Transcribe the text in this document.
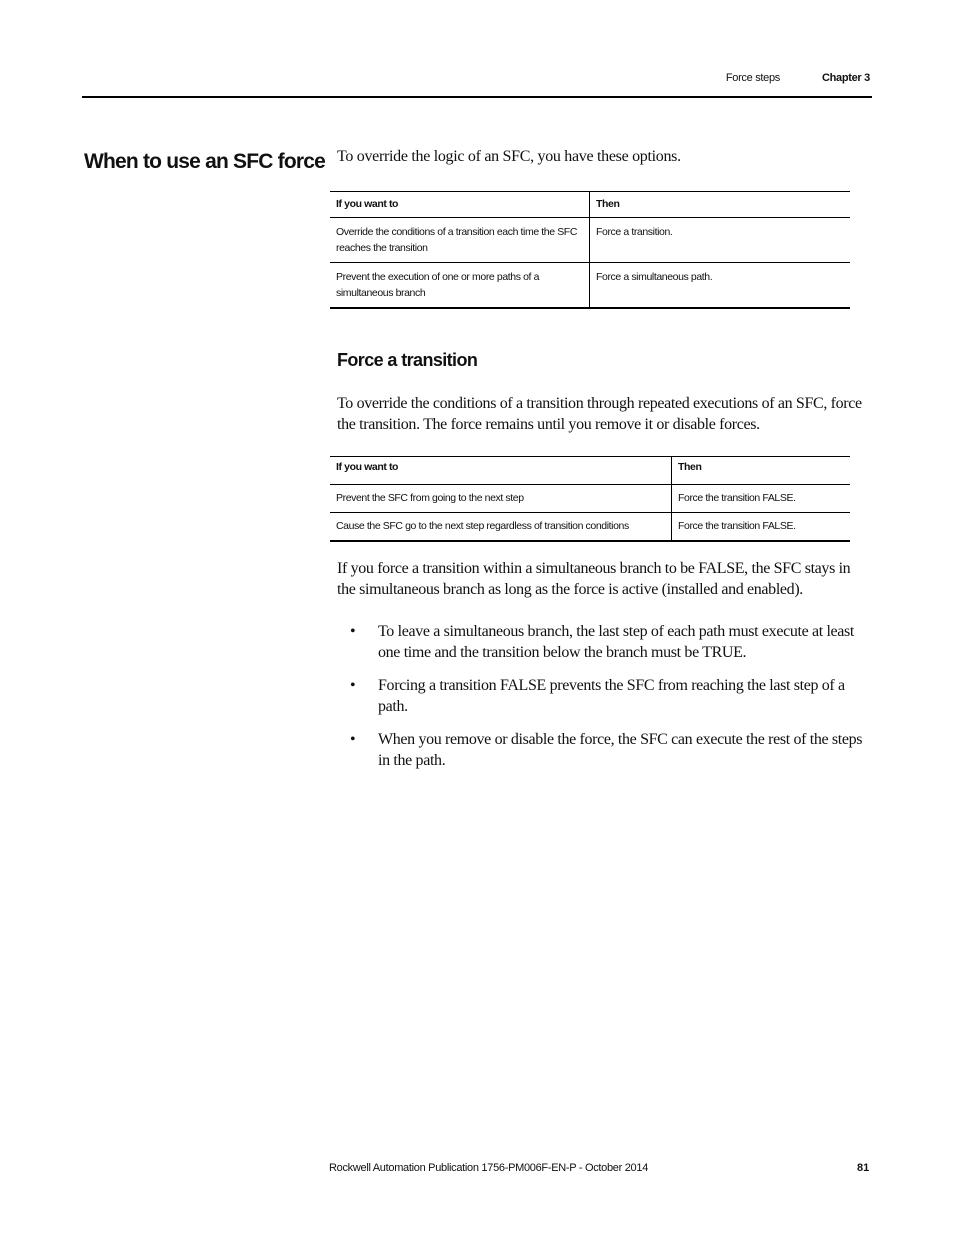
Force steps	Chapter 3
When to use an SFC force To override the logic of an SFC, you have these options.

If you want to	Then
Override the conditions of a transition each time the SFC reaches the transition	Force a transition.
Prevent the execution of one or more paths of a simultaneous branch	Force a simultaneous path.
Force a transition

To override the conditions of a transition through repeated executions of an SFC, force the transition. The force remains until you remove it or disable forces.

If you want to	Then
Prevent the SFC from going to the next step	Force the transition FALSE.
Cause the SFC go to the next step regardless of transition conditions	Force the transition FALSE.

If you force a transition within a simultaneous branch to be FALSE, the SFC stays in the simultaneous branch as long as the force is active (installed and enabled).

• To leave a simultaneous branch, the last step of each path must execute at least one time and the transition below the branch must be TRUE.
• Forcing a transition FALSE prevents the SFC from reaching the last step of a path.
• When you remove or disable the force, the SFC can execute the rest of the steps in the path.
Rockwell Automation Publication 1756-PM006F-EN-P - October 2014	81
